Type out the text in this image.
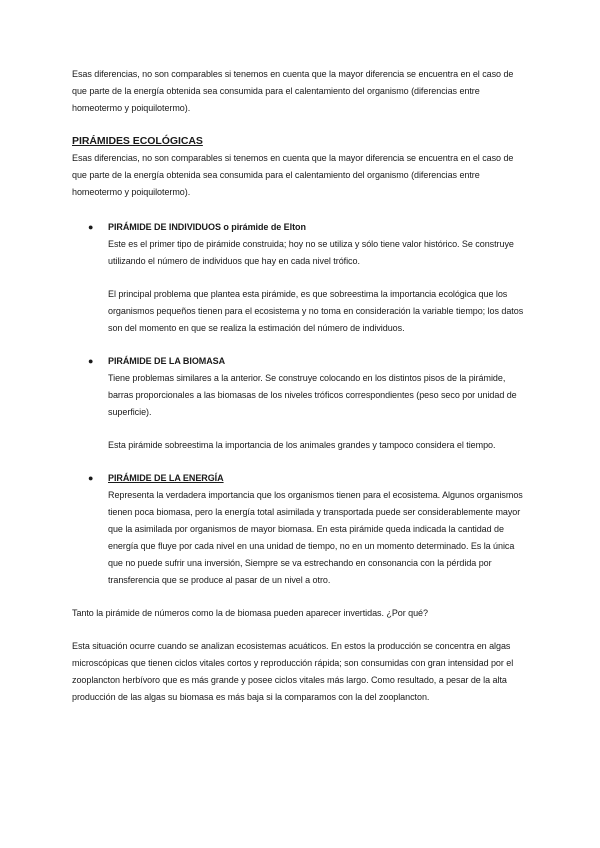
Esas diferencias, no son comparables si tenemos en cuenta que la mayor diferencia se encuentra en el caso de que parte de la energía obtenida sea consumida para el calentamiento del organismo (diferencias entre homeotermo y poiquilotermo).

PIRÁMIDES ECOLÓGICAS

Esas diferencias, no son comparables si tenemos en cuenta que la mayor diferencia se encuentra en el caso de que parte de la energía obtenida sea consumida para el calentamiento del organismo (diferencias entre homeotermo y poiquilotermo).

● PIRÁMIDE DE INDIVIDUOS o pirámide de Elton

Este es el primer tipo de pirámide construida; hoy no se utiliza y sólo tiene valor histórico. Se construye utilizando el número de individuos que hay en cada nivel trófico.

El principal problema que plantea esta pirámide, es que sobreestima la importancia ecológica que los organismos pequeños tienen para el ecosistema y no toma en consideración la variable tiempo; los datos son del momento en que se realiza la estimación del número de individuos.

● PIRÁMIDE DE LA BIOMASA

Tiene problemas similares a la anterior. Se construye colocando en los distintos pisos de la pirámide, barras proporcionales a las biomasas de los niveles tróficos correspondientes (peso seco por unidad de superficie).

Esta pirámide sobreestima la importancia de los animales grandes y tampoco considera el tiempo.

● PIRÁMIDE DE LA ENERGÍA

Representa la verdadera importancia que los organismos tienen para el ecosistema. Algunos organismos tienen poca biomasa, pero la energía total asimilada y transportada puede ser considerablemente mayor que la asimilada por organismos de mayor biomasa. En esta pirámide queda indicada la cantidad de energía que fluye por cada nivel en una unidad de tiempo, no en un momento determinado. Es la única que no puede sufrir una inversión, Siempre se va estrechando en consonancia con la pérdida por transferencia que se produce al pasar de un nivel a otro.

Tanto la pirámide de números como la de biomasa pueden aparecer invertidas. ¿Por qué?

Esta situación ocurre cuando se analizan ecosistemas acuáticos. En estos la producción se concentra en algas microscópicas que tienen ciclos vitales cortos y reproducción rápida; son consumidas con gran intensidad por el zooplancton herbívoro que es más grande y posee ciclos vitales más largo. Como resultado, a pesar de la alta producción de las algas su biomasa es más baja si la comparamos con la del zooplancton.
